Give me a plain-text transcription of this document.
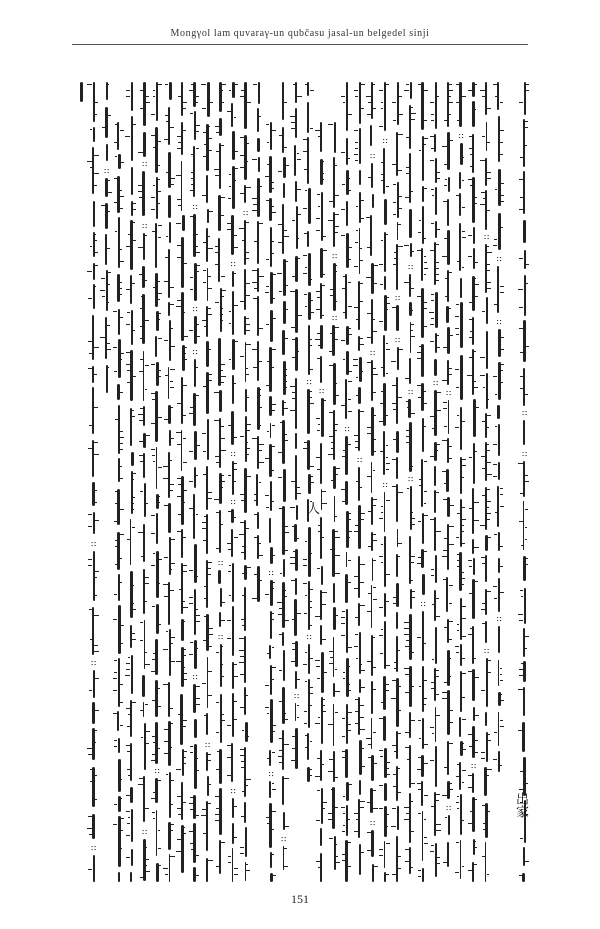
Mongγol lam quvaraγ-un qubčasu jasal-un belgedel sinji
::
::
::
::
::
::
::
::
::
::
::
::
::
::
::
::
::
::
::
::
::
::
::
::
::
::
::
::
::
::
::
::
::
::
::
::
::
::
::
::
::
::
::
::
::
::
::
::
::
::
::
::
::
::
人
出家
151
